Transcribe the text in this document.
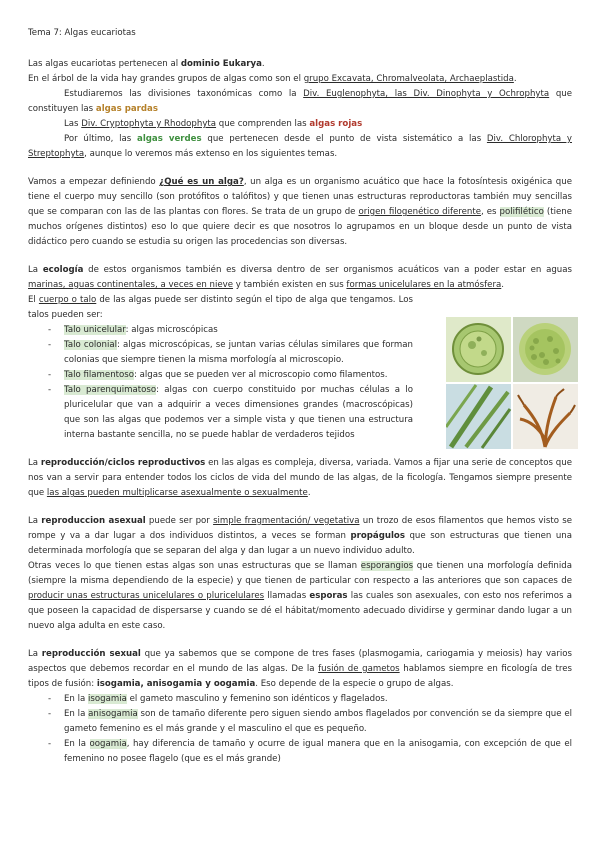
Tema 7: Algas eucariotas

Las algas eucariotas pertenecen al dominio Eukarya.

En el árbol de la vida hay grandes grupos de algas como son el grupo Excavata, Chromalveolata, Archaeplastida.

Estudiaremos las divisiones taxonómicas como la Div. Euglenophyta, las Div. Dinophyta y Ochrophyta que constituyen las algas pardas

Las Div. Cryptophyta y Rhodophyta que comprenden las algas rojas

Por último, las algas verdes que pertenecen desde el punto de vista sistemático a las Div. Chlorophyta y Streptophyta, aunque lo veremos más extenso en los siguientes temas.

Vamos a empezar definiendo ¿Qué es un alga?, un alga es un organismo acuático que hace la fotosíntesis oxigénica que tiene el cuerpo muy sencillo (son protófitos o talófitos) y que tienen unas estructuras reproductoras también muy sencillas que se comparan con las de las plantas con flores. Se trata de un grupo de origen filogenético diferente, es polifilético (tiene muchos orígenes distintos) eso lo que quiere decir es que nosotros lo agrupamos en un bloque desde un punto de vista didáctico pero cuando se estudia su origen las procedencias son diversas.

La ecología de estos organismos también es diversa dentro de ser organismos acuáticos van a poder estar en aguas marinas, aguas continentales, a veces en nieve y también existen en sus formas unicelulares en la atmósfera.

El cuerpo o talo de las algas puede ser distinto según el tipo de alga que tengamos. Los talos pueden ser:

- Talo unicelular: algas microscópicas
- Talo colonial: algas microscópicas, se juntan varias células similares que forman colonias que siempre tienen la misma morfología al microscopio.
- Talo filamentoso: algas que se pueden ver al microscopio como filamentos.
- Talo parenquimatoso: algas con cuerpo constituido por muchas células a lo pluricelular que van a adquirir a veces dimensiones grandes (macroscópicas) que son las algas que podemos ver a simple vista y que tienen una estructura interna bastante sencilla, no se puede hablar de verdaderos tejidos

La reproducción/ciclos reproductivos en las algas es compleja, diversa, variada. Vamos a fijar una serie de conceptos que nos van a servir para entender todos los ciclos de vida del mundo de las algas, de la ficología. Tengamos siempre presente que las algas pueden multiplicarse asexualmente o sexualmente.

La reproduccion asexual puede ser por simple fragmentación/ vegetativa un trozo de esos filamentos que hemos visto se rompe y va a dar lugar a dos individuos distintos, a veces se forman propágulos que son estructuras que tienen una determinada morfología que se separan del alga y dan lugar a un nuevo individuo adulto.

Otras veces lo que tienen estas algas son unas estructuras que se llaman esporangios que tienen una morfología definida (siempre la misma dependiendo de la especie) y que tienen de particular con respecto a las anteriores que son capaces de producir unas estructuras unicelulares o pluricelulares llamadas esporas las cuales son asexuales, con esto nos referimos a que poseen la capacidad de dispersarse y cuando se dé el hábitat/momento adecuado dividirse y germinar dando lugar a un nuevo alga adulta en este caso.

La reproducción sexual que ya sabemos que se compone de tres fases (plasmogamia, cariogamia y meiosis) hay varios aspectos que debemos recordar en el mundo de las algas. De la fusión de gametos hablamos siempre en ficología de tres tipos de fusión: isogamia, anisogamia y oogamia. Eso depende de la especie o grupo de algas.

- En la isogamia el gameto masculino y femenino son idénticos y flagelados.
- En la anisogamia son de tamaño diferente pero siguen siendo ambos flagelados por convención se da siempre que el gameto femenino es el más grande y el masculino el que es pequeño.
- En la oogamia, hay diferencia de tamaño y ocurre de igual manera que en la anisogamia, con excepción de que el femenino no posee flagelo (que es el más grande)
